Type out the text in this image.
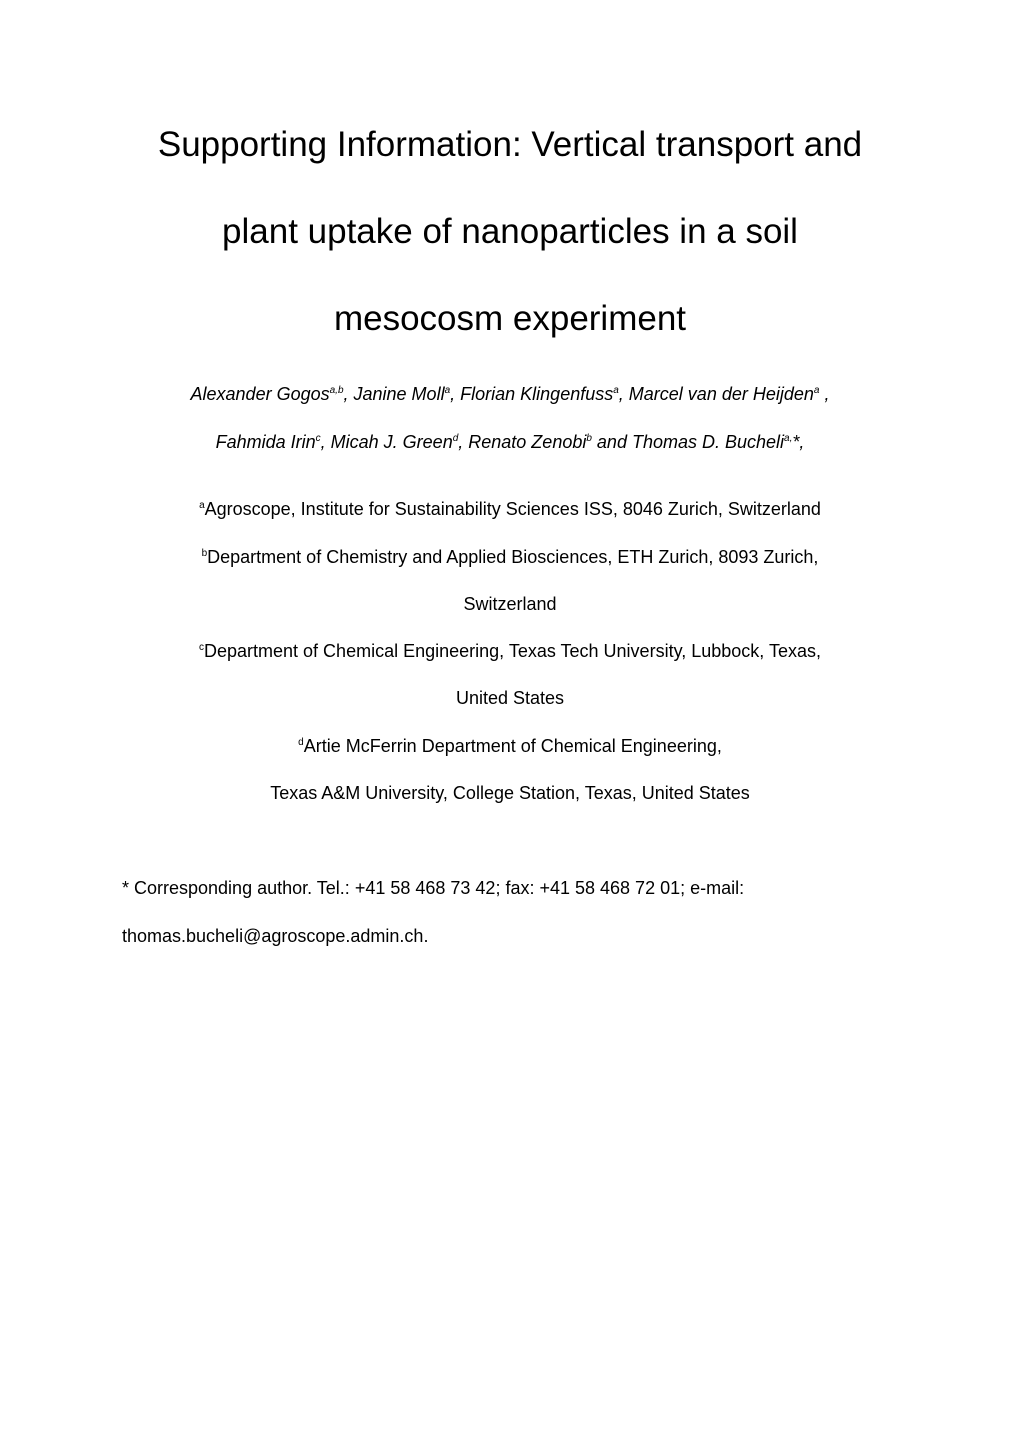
Supporting Information: Vertical transport and
plant uptake of nanoparticles in a soil
mesocosm experiment
Alexander Gogos$^{a,b}$, Janine Moll$^a$, Florian Klingenfuss$^a$, Marcel van der Heijden$^a$ ,
Fahmida Irin$^c$, Micah J. Green$^d$, Renato Zenobi$^b$ and Thomas D. Bucheli$^{a,}$*,
$^a$Agroscope, Institute for Sustainability Sciences ISS, 8046 Zurich, Switzerland
$^b$Department of Chemistry and Applied Biosciences, ETH Zurich, 8093 Zurich,
Switzerland
$^c$Department of Chemical Engineering, Texas Tech University, Lubbock, Texas,
United States
$^d$Artie McFerrin Department of Chemical Engineering,
Texas A&M University, College Station, Texas, United States
* Corresponding author. Tel.: +41 58 468 73 42; fax: +41 58 468 72 01; e-mail:
thomas.bucheli@agroscope.admin.ch.
